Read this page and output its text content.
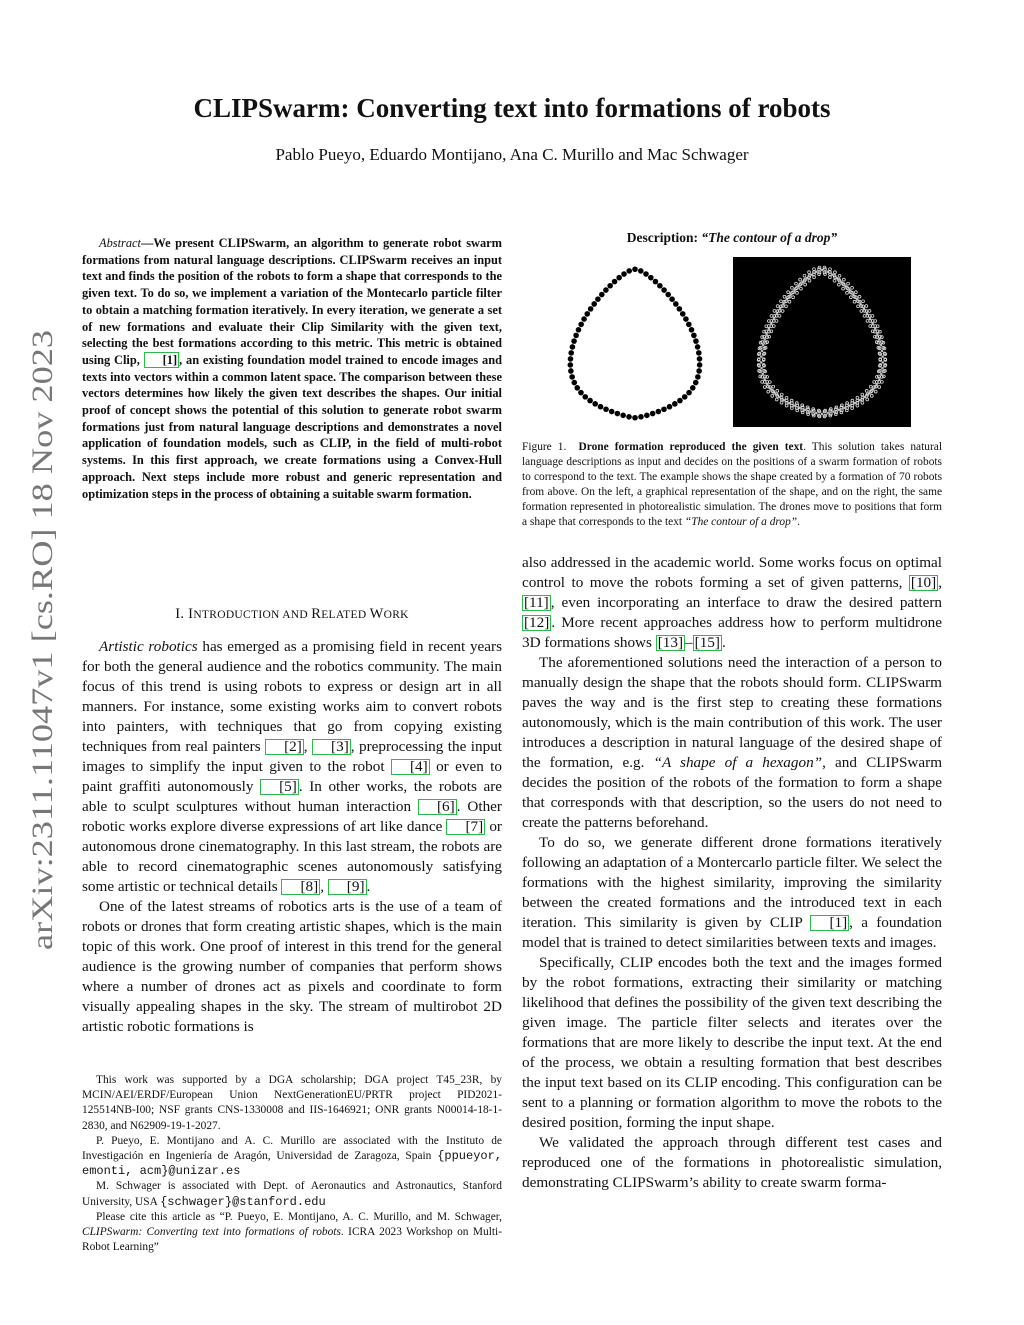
arXiv:2311.11047v1 [cs.RO] 18 Nov 2023
CLIPSwarm: Converting text into formations of robots
Pablo Pueyo, Eduardo Montijano, Ana C. Murillo and Mac Schwager
Abstract—We present CLIPSwarm, an algorithm to generate robot swarm formations from natural language descriptions. CLIPSwarm receives an input text and finds the position of the robots to form a shape that corresponds to the given text. To do so, we implement a variation of the Montecarlo particle filter to obtain a matching formation iteratively. In every iteration, we generate a set of new formations and evaluate their Clip Similarity with the given text, selecting the best formations according to this metric. This metric is obtained using Clip, [1] , an existing foundation model trained to encode images and texts into vectors within a common latent space. The comparison between these vectors determines how likely the given text describes the shapes. Our initial proof of concept shows the potential of this solution to generate robot swarm formations just from natural language descriptions and demonstrates a novel application of foundation models, such as CLIP, in the field of multi-robot systems. In this first approach, we create formations using a Convex-Hull approach. Next steps include more robust and generic representation and optimization steps in the process of obtaining a suitable swarm formation.
I. INTRODUCTION AND RELATED WORK

Artistic robotics has emerged as a promising field in recent years for both the general audience and the robotics community. The main focus of this trend is using robots to express or design art in all manners. For instance, some existing works aim to convert robots into painters, with techniques that go from copying existing techniques from real painters [2] , [3] , preprocessing the input images to simplify the input given to the robot [4] or even to paint graffiti autonomously [5] . In other works, the robots are able to sculpt sculptures without human interaction [6] . Other robotic works explore diverse expressions of art like dance [7] or autonomous drone cinematography. In this last stream, the robots are able to record cinematographic scenes autonomously satisfying some artistic or technical details [8] , [9] .

One of the latest streams of robotics arts is the use of a team of robots or drones that form creating artistic shapes, which is the main topic of this work. One proof of interest in this trend for the general audience is the growing number of companies that perform shows where a number of drones act as pixels and coordinate to form visually appealing shapes in the sky. The stream of multirobot 2D artistic robotic formations is

This work was supported by a DGA scholarship; DGA project T45_23R, by MCIN/AEI/ERDF/European Union NextGenerationEU/PRTR project PID2021-125514NB-I00; NSF grants CNS-1330008 and IIS-1646921; ONR grants N00014-18-1-2830, and N62909-19-1-2027.

P. Pueyo, E. Montijano and A. C. Murillo are associated with the Instituto de Investigación en Ingeniería de Aragón, Universidad de Zaragoza, Spain {ppueyor, emonti, acm}@unizar.es

M. Schwager is associated with Dept. of Aeronautics and Astronautics, Stanford University, USA {schwager}@stanford.edu

Please cite this article as “P. Pueyo, E. Montijano, A. C. Murillo, and M. Schwager, CLIPSwarm: Converting text into formations of robots. ICRA 2023 Workshop on Multi-Robot Learning”

Description: “The contour of a drop”
Figure 1. Drone formation reproduced the given text. This solution takes natural language descriptions as input and decides on the positions of a swarm formation of robots to correspond to the text. The example shows the shape created by a formation of 70 robots from above. On the left, a graphical representation of the shape, and on the right, the same formation represented in photorealistic simulation. The drones move to positions that form a shape that corresponds to the text “The contour of a drop”.

also addressed in the academic world. Some works focus on optimal control to move the robots forming a set of given patterns, [10] , [11] , even incorporating an interface to draw the desired pattern [12] . More recent approaches address how to perform multidrone 3D formations shows [13] – [15] .

The aforementioned solutions need the interaction of a person to manually design the shape that the robots should form. CLIPSwarm paves the way and is the first step to creating these formations autonomously, which is the main contribution of this work. The user introduces a description in natural language of the desired shape of the formation, e.g. “A shape of a hexagon”, and CLIPSwarm decides the position of the robots of the formation to form a shape that corresponds with that description, so the users do not need to create the patterns beforehand.

To do so, we generate different drone formations iteratively following an adaptation of a Montercarlo particle filter. We select the formations with the highest similarity, improving the similarity between the created formations and the introduced text in each iteration. This similarity is given by CLIP [1] , a foundation model that is trained to detect similarities between texts and images.

Specifically, CLIP encodes both the text and the images formed by the robot formations, extracting their similarity or matching likelihood that defines the possibility of the given text describing the given image. The particle filter selects and iterates over the formations that are more likely to describe the input text. At the end of the process, we obtain a resulting formation that best describes the input text based on its CLIP encoding. This configuration can be sent to a planning or formation algorithm to move the robots to the desired position, forming the input shape.

We validated the approach through different test cases and reproduced one of the formations in photorealistic simulation, demonstrating CLIPSwarm’s ability to create swarm forma-
